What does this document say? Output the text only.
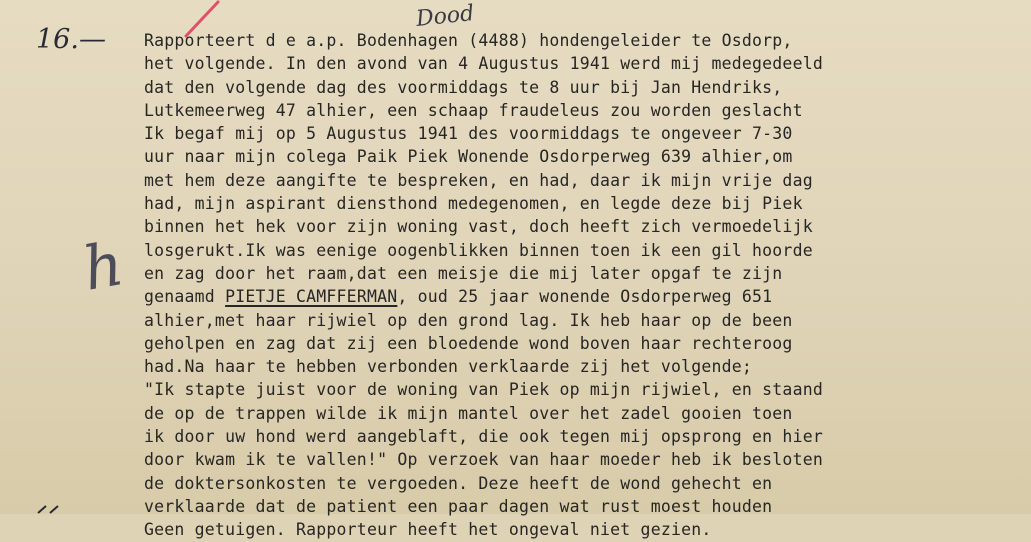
16.—
Dood
h
Rapporteert d e a.p. Bodenhagen (4488) hondengeleider te Osdorp,
het volgende. In den avond van 4 Augustus 1941 werd mij medegedeeld
dat den volgende dag des voormiddags te 8 uur bij Jan Hendriks,
Lutkemeerweg 47 alhier, een schaap fraudeleus zou worden geslacht
Ik begaf mij op 5 Augustus 1941 des voormiddags te ongeveer 7-30
uur naar mijn colega Paik Piek Wonende Osdorperweg 639 alhier,om
met hem deze aangifte te bespreken, en had, daar ik mijn vrije dag
had, mijn aspirant diensthond medegenomen, en legde deze bij Piek
binnen het hek voor zijn woning vast, doch heeft zich vermoedelijk
losgerukt.Ik was eenige oogenblikken binnen toen ik een gil hoorde
en zag door het raam,dat een meisje die mij later opgaf te zijn
genaamd PIETJE CAMFFERMAN, oud 25 jaar wonende Osdorperweg 651
alhier,met haar rijwiel op den grond lag. Ik heb haar op de been
geholpen en zag dat zij een bloedende wond boven haar rechteroog
had.Na haar te hebben verbonden verklaarde zij het volgende;
"Ik stapte juist voor de woning van Piek op mijn rijwiel, en staand
de op de trappen wilde ik mijn mantel over het zadel gooien toen
ik door uw hond werd aangeblaft, die ook tegen mij opsprong en hier
door kwam ik te vallen!" Op verzoek van haar moeder heb ik besloten
de doktersonkosten te vergoeden. Deze heeft de wond gehecht en
verklaarde dat de patient een paar dagen wat rust moest houden
Geen getuigen. Rapporteur heeft het ongeval niet gezien.
